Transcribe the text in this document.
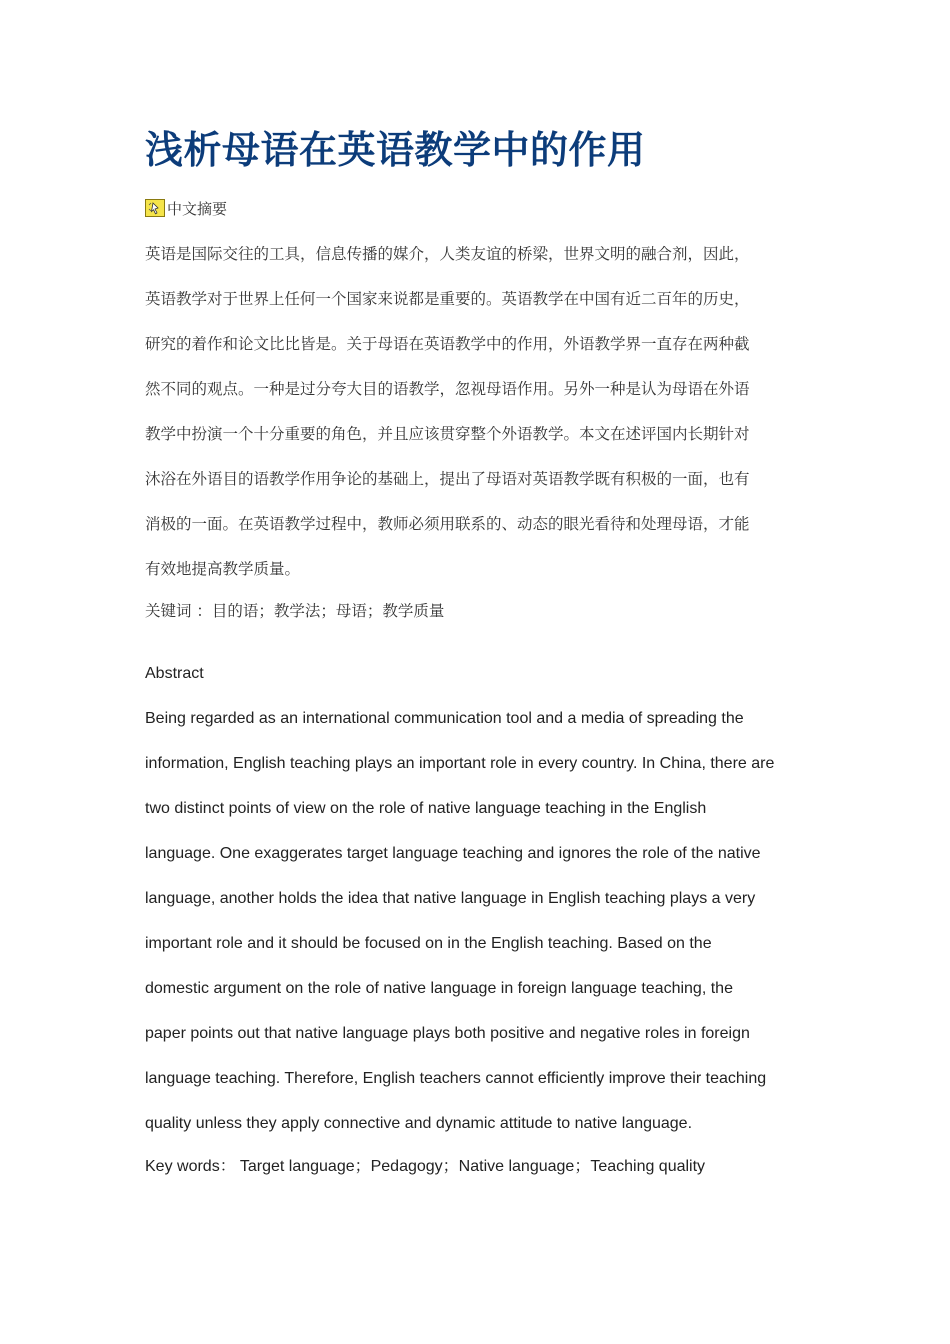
浅析母语在英语教学中的作用
中文摘要
英语是国际交往的工具，信息传播的媒介，人类友谊的桥梁，世界文明的融合剂，因此，
英语教学对于世界上任何一个国家来说都是重要的。英语教学在中国有近二百年的历史，
研究的着作和论文比比皆是。关于母语在英语教学中的作用，外语教学界一直存在两种截
然不同的观点。一种是过分夸大目的语教学，忽视母语作用。另外一种是认为母语在外语
教学中扮演一个十分重要的角色，并且应该贯穿整个外语教学。本文在述评国内长期针对
沐浴在外语目的语教学作用争论的基础上，提出了母语对英语教学既有积极的一面，也有
消极的一面。在英语教学过程中，教师必须用联系的、动态的眼光看待和处理母语，才能
有效地提高教学质量。
关键词 ：目的语；教学法；母语；教学质量
Abstract
Being regarded as an international communication tool and a media of spreading the
information, English teaching plays an important role in every country. In China, there are
two distinct points of view on the role of native language teaching in the English
language. One exaggerates target language teaching and ignores the role of the native
language, another holds the idea that native language in English teaching plays a very
important role and it should be focused on in the English teaching. Based on the
domestic argument on the role of native language in foreign language teaching, the
paper points out that native language plays both positive and negative roles in foreign
language teaching. Therefore, English teachers cannot efficiently improve their teaching
quality unless they apply connective and dynamic attitude to native language.
Key words： Target language；Pedagogy；Native language；Teaching quality
